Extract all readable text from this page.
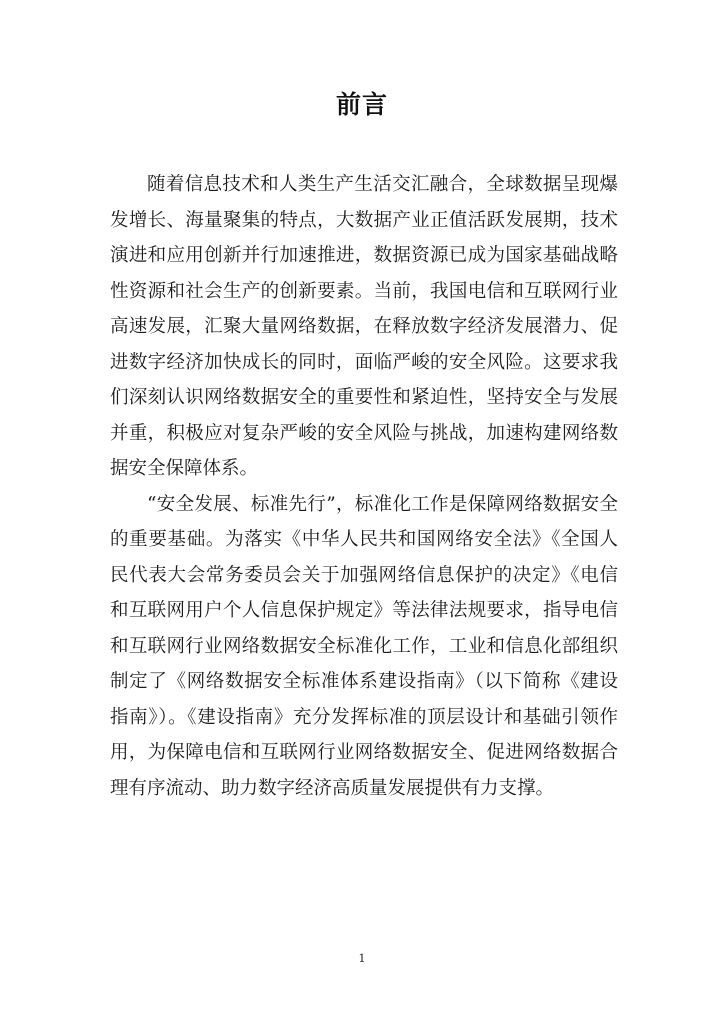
前言

随着信息技术和人类生产生活交汇融合，全球数据呈现爆发增长、海量聚集的特点，大数据产业正值活跃发展期，技术演进和应用创新并行加速推进，数据资源已成为国家基础战略性资源和社会生产的创新要素。当前，我国电信和互联网行业高速发展，汇聚大量网络数据，在释放数字经济发展潜力、促进数字经济加快成长的同时，面临严峻的安全风险。这要求我们深刻认识网络数据安全的重要性和紧迫性，坚持安全与发展并重，积极应对复杂严峻的安全风险与挑战，加速构建网络数据安全保障体系。

“安全发展、标准先行”，标准化工作是保障网络数据安全的重要基础。为落实《中华人民共和国网络安全法》《全国人民代表大会常务委员会关于加强网络信息保护的决定》《电信和互联网用户个人信息保护规定》等法律法规要求，指导电信和互联网行业网络数据安全标准化工作，工业和信息化部组织制定了《网络数据安全标准体系建设指南》（以下简称《建设指南》）。《建设指南》充分发挥标准的顶层设计和基础引领作用，为保障电信和互联网行业网络数据安全、促进网络数据合理有序流动、助力数字经济高质量发展提供有力支撑。

1
